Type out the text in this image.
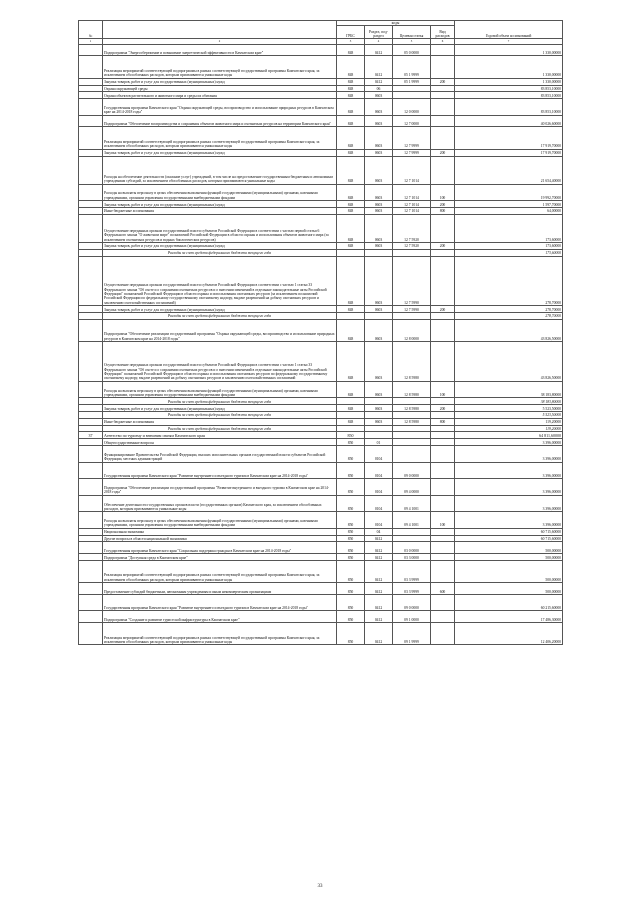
№		коды				Годовой объем ассигнований
		ГРБС	Раздел, под-раздел	Целевая статья	Вид расходов	
1	2	3	4	5	6	7
	Подпрограмма "Энергосбережение и повышение энергетической эффективности в Камчатском крае"	848	0412	05 0 0000		1 330,00000
	Реализация мероприятий соответствующей подпрограммы в рамках соответствующей государственной программы Камчатского края, за исключением обособленных расходов, которым присваиваются уникальные коды	848	0412	05 1 9999		1 330,00000
	Закупка товаров, работ и услуг для государственных (муниципальных) нужд	848	0412	05 1 9999	200	1 330,00000
	Охрана окружающей среды	848	06			83 853,10000
	Охрана объектов растительного и животного мира и среды их обитания	848	0603			83 853,10000
	Государственная программа Камчатского края "Охрана окружающей среды, воспроизводство и использование природных ресурсов в Камчатском крае на 2014-2018 годы"	848	0603	12 0 0000		83 853,10000
	Подпрограмма "Обеспечение воспроизводства и сохранения объектов животного мира и охотничьих ресурсов на территории Камчатского края"	848	0603	12 7 0000		40 026,60000
	Реализация мероприятий соответствующей подпрограммы в рамках соответствующей государственной программы Камчатского края, за исключением обособленных расходов, которым присваиваются уникальные коды	848	0603	12 7 9999		17 919,70000
	Закупка товаров, работ и услуг для государственных (муниципальных) нужд	848	0603	12 7 9999	200	17 919,70000
	Расходы на обеспечение деятельности (оказание услуг) учреждений, в том числе на предоставление государственным бюджетным и автономным учреждениям субсидий, за исключением обособленных расходов, которым присваиваются уникальные коды	848	0603	12 7 1014		21 654,40000
	Расходы на выплаты персоналу в целях обеспечения выполнения функций государственными (муниципальными) органами, казенными учреждениями, органами управления государственными внебюджетными фондами	848	0603	12 7 1014	100	19 992,70000
	Закупка товаров, работ и услуг для государственных (муниципальных) нужд	848	0603	12 7 1014	200	1 597,70000
	Иные бюджетные ассигнования	848	0603	12 7 1014	800	64,00000
	Осуществление переданных органам государственной власти субъектов Российской Федерации в соответствии с частью первой статьи 6 Федерального закона "О животном мире" полномочий Российской Федерации в области охраны и использования объектов животного мира (за исключением охотничьих ресурсов и водных биологических ресурсов)	848	0603	12 7 5920		173,60000
	Закупка товаров, работ и услуг для государственных (муниципальных) нужд	848	0603	12 7 5920	200	173,60000
	Расходы за счет средств федерального бюджета текущего года					173,60000
	Осуществление переданных органам государственной власти субъектов Российской Федерации в соответствии с частью 1 статьи 33 Федерального закона "Об охоте и о сохранении охотничьих ресурсов и о внесении изменений в отдельные законодательные акты Российской Федерации" полномочий Российской Федерации в области охраны и использования охотничьих ресурсов (за исключением полномочий Российской Федерации по федеральному государственному охотничьему надзору, выдаче разрешений на добычу охотничьих ресурсов и заключению охотхозяйственных соглашений)	848	0603	12 7 5990		278,70000
	Закупка товаров, работ и услуг для государственных (муниципальных) нужд	848	0603	12 7 5990	200	278,70000
	Расходы за счет средств федерального бюджета текущего года					278,70000
	Подпрограмма "Обеспечение реализации государственной программы "Охрана окружающей среды, воспроизводство и использование природных ресурсов в Камчатском крае на 2014-2018 годы"	848	0603	12 8 0000		43 826,50000
	Осуществление переданных органам государственной власти субъектов Российской Федерации в соответствии с частью 1 статьи 33 Федерального закона "Об охоте и о сохранении охотничьих ресурсов и о внесении изменений в отдельные законодательные акты Российской Федерации" полномочий Российской Федерации в области охраны и использования охотничьих ресурсов по федеральному государственному охотничьему надзору, выдаче разрешений на добычу охотничьих ресурсов и заключению охотхозяйственных соглашений	848	0603	12 8 5980		43 826,50000
	Расходы на выплаты персоналу в целях обеспечения выполнения функций государственными (муниципальными) органами, казенными учреждениями, органами управления государственными внебюджетными фондами	848	0603	12 8 5980	100	38 183,80000
	Расходы за счет средств федерального бюджета текущего года					38 183,80000
	Закупка товаров, работ и услуг для государственных (муниципальных) нужд	848	0603	12 8 5980	200	5 523,50000
	Расходы за счет средств федерального бюджета текущего года					5 523,50000
	Иные бюджетные ассигнования	848	0603	12 8 5980	800	119,20000
	Расходы за счет средств федерального бюджета текущего года					119,20000
37	Агентство по туризму и внешним связям Камчатского края	850				64 811,60000
	Общегосударственные вопросы	850	01			3 396,00000
	Функционирование Правительства Российской Федерации, высших исполнительных органов государственной власти субъектов Российской Федерации, местных администраций	850	0104			3 396,00000
	Государственная программа Камчатского края "Развитие внутреннего и въездного туризма в Камчатском крае на 2014-2018 годы"	850	0104	09 0 0000		3 396,00000
	Подпрограмма "Обеспечение реализации государственной программы "Развитие внутреннего и въездного туризма в Камчатском крае на 2014-2018 годы"	850	0104	09 4 0000		3 396,00000
	Обеспечение деятельности государственных органов власти (государственных органов) Камчатского края, за исключением обособленных расходов, которым присваиваются уникальные коды	850	0104	09 4 1001		3 396,00000
	Расходы на выплаты персоналу в целях обеспечения выполнения функций государственными (муниципальными) органами, казенными учреждениями, органами управления государственными внебюджетными фондами	850	0104	09 4 1001	100	3 396,00000
	Национальная экономика	850	04			60 715,60000
	Другие вопросы в области национальной экономики	850	0412			60 715,60000
	Государственная программа Камчатского края "Социальная поддержка граждан в Камчатском крае на 2014-2018 годы"	850	0412	03 0 0000		500,00000
	Подпрограмма "Доступная среда в Камчатском крае"	850	0412	03 3 0000		500,00000
	Реализация мероприятий соответствующей подпрограммы в рамках соответствующей государственной программы Камчатского края, за исключением обособленных расходов, которым присваиваются уникальные коды	850	0412	03 3 9999		500,00000
	Предоставление субсидий бюджетным, автономным учреждениям и иным некоммерческим организациям	850	0412	03 3 9999	600	500,00000
	Государственная программа Камчатского края "Развитие внутреннего и въездного туризма в Камчатском крае на 2014-2018 годы"	850	0412	09 0 0000		60 215,60000
	Подпрограмма "Создание и развитие туристской инфраструктуры в Камчатском крае"	850	0412	09 1 0000		17 486,30000
	Реализация мероприятий соответствующей подпрограммы в рамках соответствующей государственной программы Камчатского края, за исключением обособленных расходов, которым присваиваются уникальные коды	850	0412	09 1 9999		12 406,20000
33
